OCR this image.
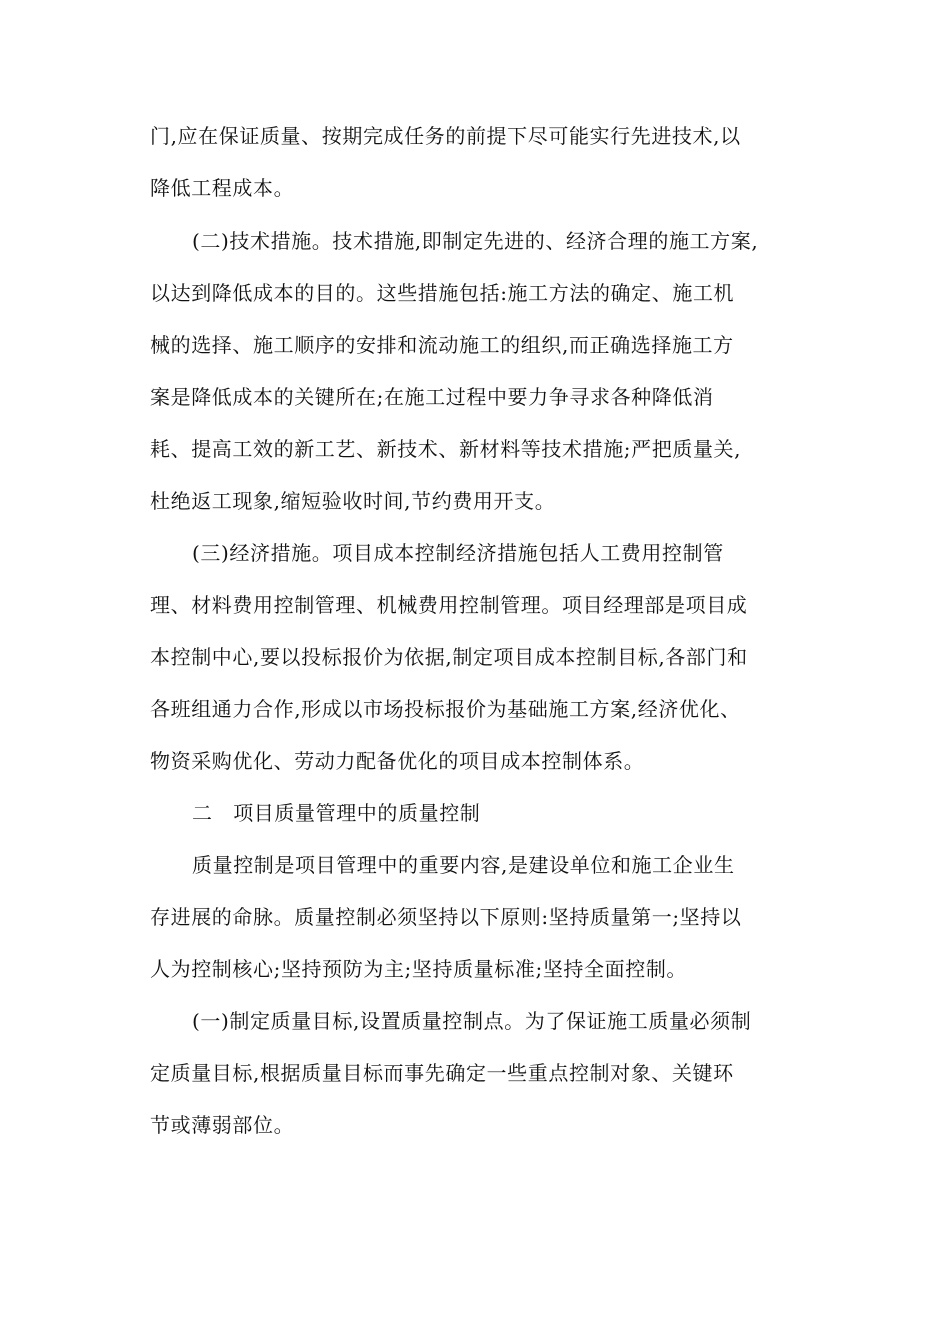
门,应在保证质量、按期完成任务的前提下尽可能实行先进技术,以
降低工程成本。
(二)技术措施。技术措施,即制定先进的、经济合理的施工方案,
以达到降低成本的目的。这些措施包括:施工方法的确定、施工机
械的选择、施工顺序的安排和流动施工的组织,而正确选择施工方
案是降低成本的关键所在;在施工过程中要力争寻求各种降低消
耗、提高工效的新工艺、新技术、新材料等技术措施;严把质量关,
杜绝返工现象,缩短验收时间,节约费用开支。
(三)经济措施。项目成本控制经济措施包括人工费用控制管
理、材料费用控制管理、机械费用控制管理。项目经理部是项目成
本控制中心,要以投标报价为依据,制定项目成本控制目标,各部门和
各班组通力合作,形成以市场投标报价为基础施工方案,经济优化、
物资采购优化、劳动力配备优化的项目成本控制体系。
二　项目质量管理中的质量控制
质量控制是项目管理中的重要内容,是建设单位和施工企业生
存进展的命脉。质量控制必须坚持以下原则:坚持质量第一;坚持以
人为控制核心;坚持预防为主;坚持质量标准;坚持全面控制。
(一)制定质量目标,设置质量控制点。为了保证施工质量必须制
定质量目标,根据质量目标而事先确定一些重点控制对象、关键环
节或薄弱部位。
